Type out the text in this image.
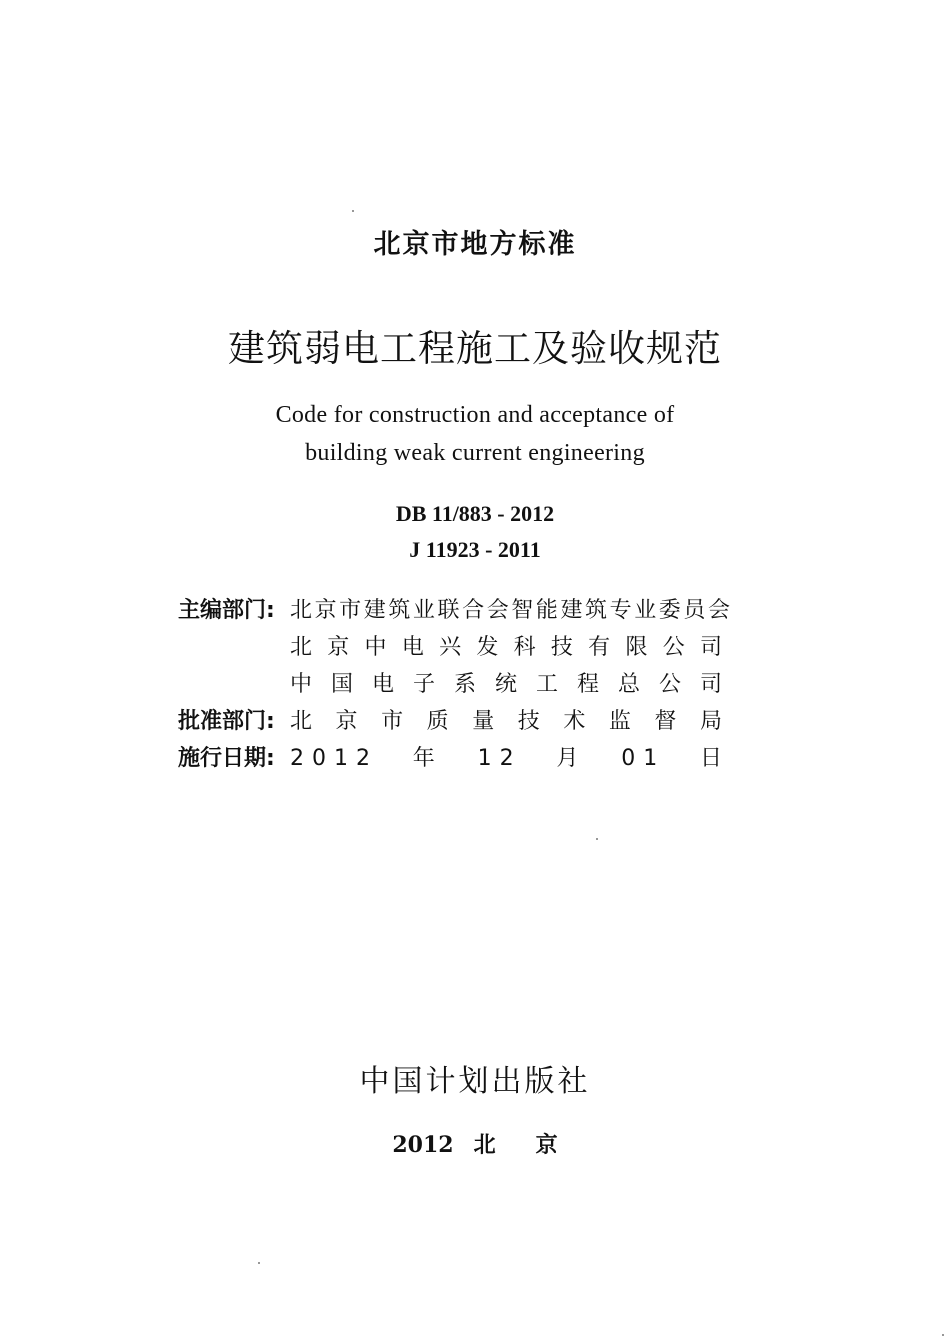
北京市地方标准
建筑弱电工程施工及验收规范
Code for construction and acceptance of
building weak current engineering
DB 11/883 - 2012
J 11923 - 2011
主编部门: 北京市建筑业联合会智能建筑专业委员会
北京中电兴发科技有限公司
中国电子系统工程总公司
批准部门: 北京市质量技术监督局
施行日期: 2012年12月01日
中国计划出版社
2012 北 京
